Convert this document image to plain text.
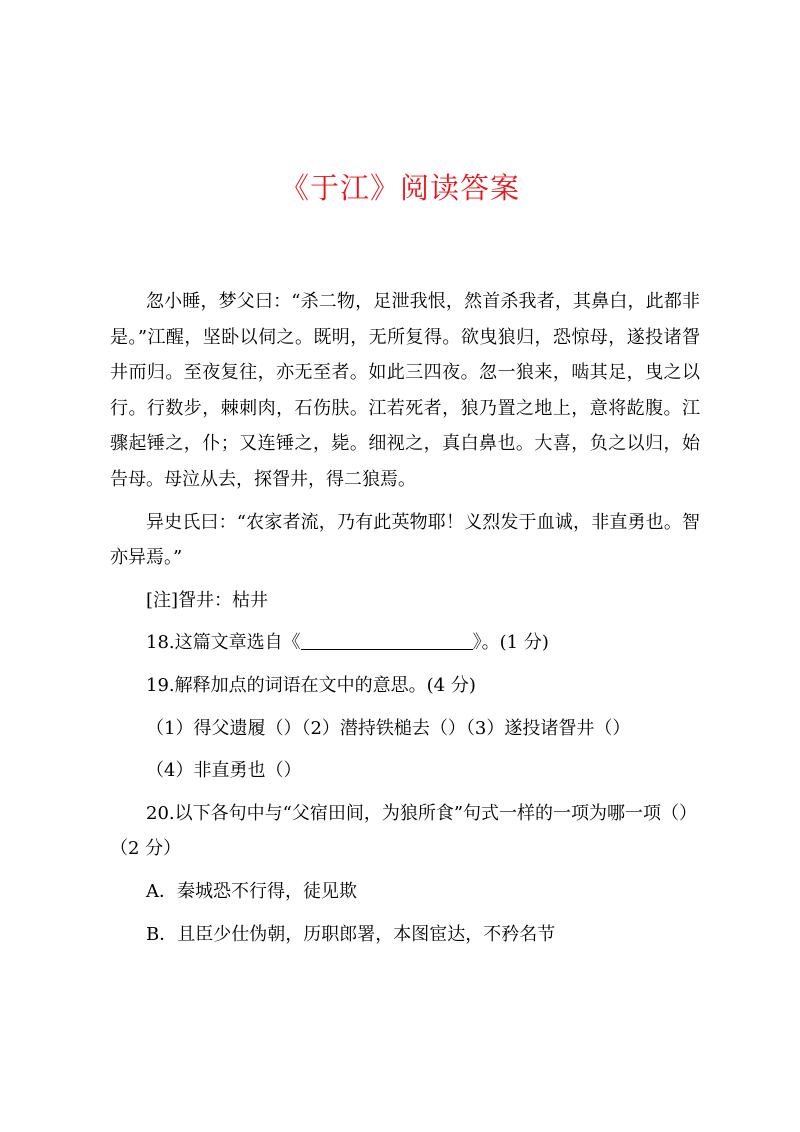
《于江》阅读答案

忽小睡，梦父曰：“杀二物，足泄我恨，然首杀我者，其鼻白，此都非是。”江醒，坚卧以伺之。既明，无所复得。欲曳狼归，恐惊母，遂投诸眢井而归。至夜复往，亦无至者。如此三四夜。忽一狼来，啮其足，曳之以行。行数步，棘刺肉，石伤肤。江若死者，狼乃置之地上，意将龁腹。江骤起锤之，仆；又连锤之，毙。细视之，真白鼻也。大喜，负之以归，始告母。母泣从去，探眢井，得二狼焉。

异史氏曰：“农家者流，乃有此英物耶！义烈发于血诚，非直勇也。智亦异焉。”

[注]眢井：枯井

18.这篇文章选自《	》。(1 分)

19.解释加点的词语在文中的意思。(4 分)

（1）得父遗履（）（2）潜持铁槌去（）（3）遂投诸眢井（）

（4）非直勇也（）

20.以下各句中与“父宿田间，为狼所食”句式一样的一项为哪一项（）（2 分）

A．秦城恐不行得，徒见欺

B．且臣少仕伪朝，历职郎署，本图宦达，不矜名节
